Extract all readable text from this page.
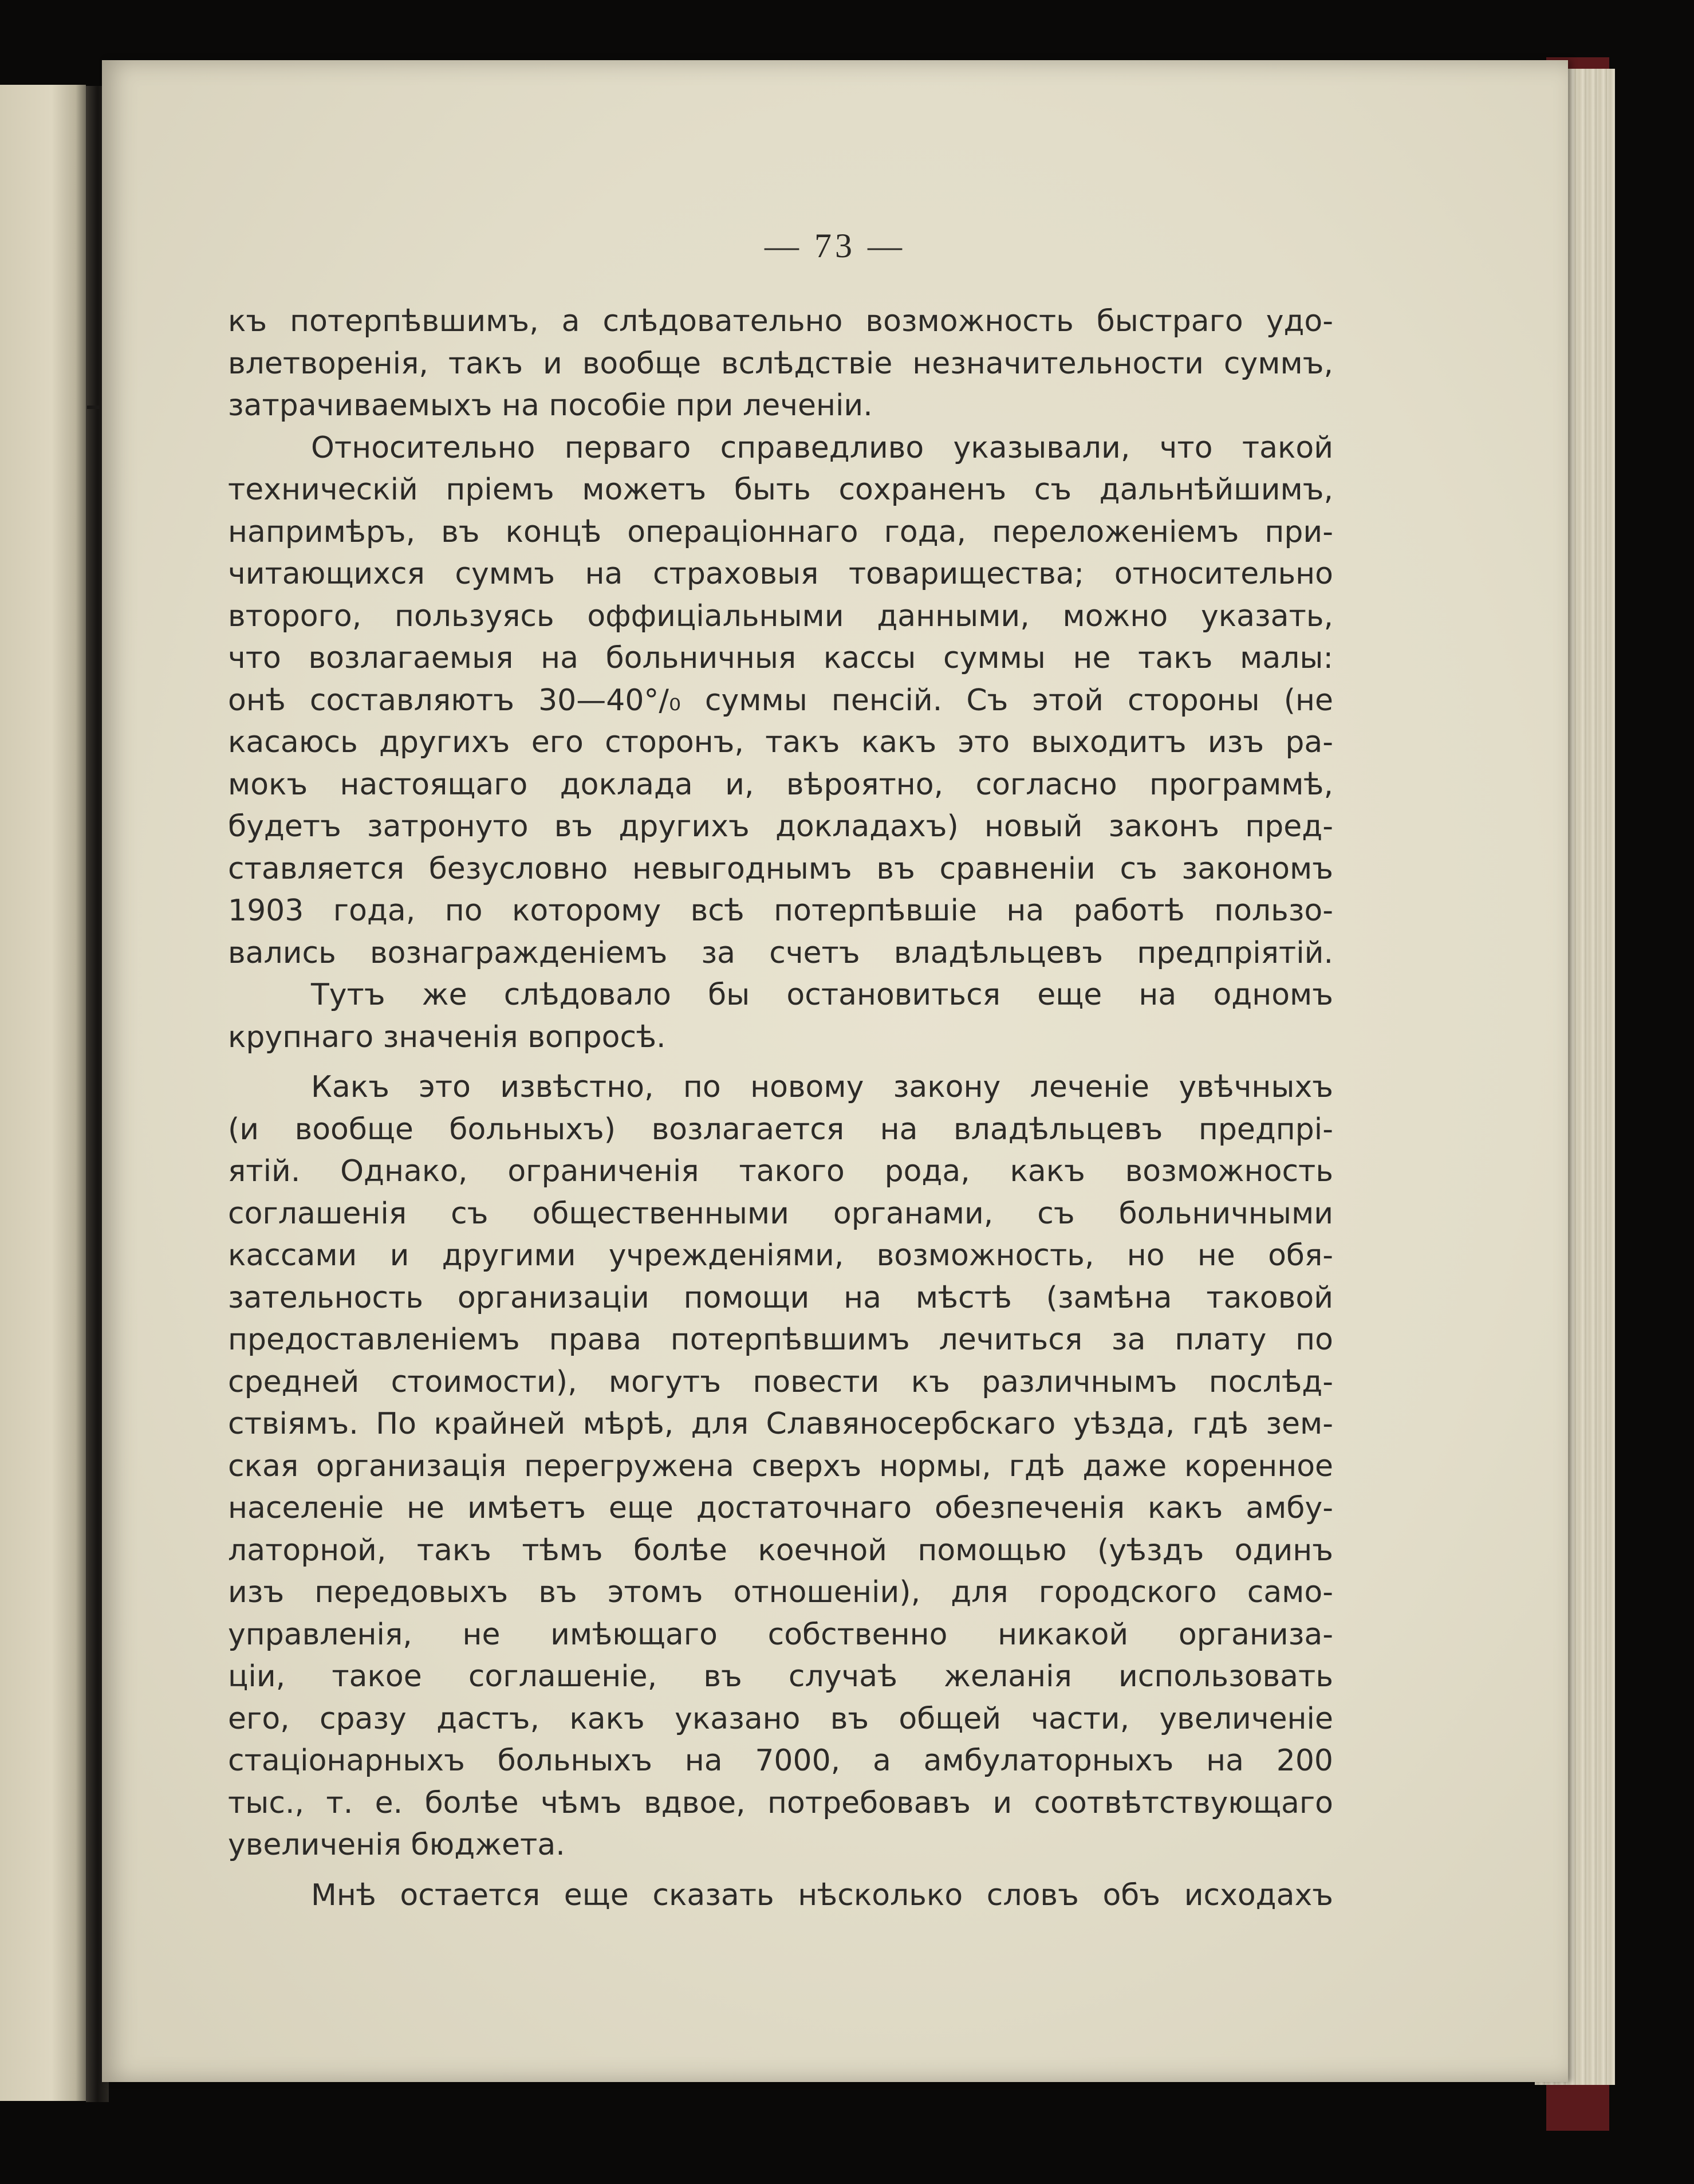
— 73 —

къ потерпѣвшимъ, а слѣдовательно возможность быстраго удо-

влетворенія, такъ и вообще вслѣдствіе незначительности суммъ,

затрачиваемыхъ на пособіе при леченіи.

Относительно перваго справедливо указывали, что такой

техническій пріемъ можетъ быть сохраненъ съ дальнѣйшимъ,

напримѣръ, въ концѣ операціоннаго года, переложеніемъ при-

читающихся суммъ на страховыя товарищества; относительно

второго, пользуясь оффиціальными данными, можно указать,

что возлагаемыя на больничныя кассы суммы не такъ малы:

онѣ составляютъ 30—40°/₀ суммы пенсій. Съ этой стороны (не

касаюсь другихъ его сторонъ, такъ какъ это выходитъ изъ ра-

мокъ настоящаго доклада и, вѣроятно, согласно программѣ,

будетъ затронуто въ другихъ докладахъ) новый законъ пред-

ставляется безусловно невыгоднымъ въ сравненіи съ закономъ

1903 года, по которому всѣ потерпѣвшіе на работѣ пользо-

вались вознагражденіемъ за счетъ владѣльцевъ предпріятій.

Тутъ же слѣдовало бы остановиться еще на одномъ

крупнаго значенія вопросѣ.

Какъ это извѣстно, по новому закону леченіе увѣчныхъ

(и вообще больныхъ) возлагается на владѣльцевъ предпрі-

ятій. Однако, ограниченія такого рода, какъ возможность

соглашенія съ общественными органами, съ больничными

кассами и другими учрежденіями, возможность, но не обя-

зательность организаціи помощи на мѣстѣ (замѣна таковой

предоставленіемъ права потерпѣвшимъ лечиться за плату по

средней стоимости), могутъ повести къ различнымъ послѣд-

ствіямъ. По крайней мѣрѣ, для Славяносербскаго уѣзда, гдѣ зем-

ская организація перегружена сверхъ нормы, гдѣ даже коренное

населеніе не имѣетъ еще достаточнаго обезпеченія какъ амбу-

латорной, такъ тѣмъ болѣе коечной помощью (уѣздъ одинъ

изъ передовыхъ въ этомъ отношеніи), для городского само-

управленія, не имѣющаго собственно никакой организа-

ціи, такое соглашеніе, въ случаѣ желанія использовать

его, сразу дастъ, какъ указано въ общей части, увеличеніе

стаціонарныхъ больныхъ на 7000, а амбулаторныхъ на 200

тыс., т. е. болѣе чѣмъ вдвое, потребовавъ и соотвѣтствующаго

увеличенія бюджета.

Мнѣ остается еще сказать нѣсколько словъ объ исходахъ
